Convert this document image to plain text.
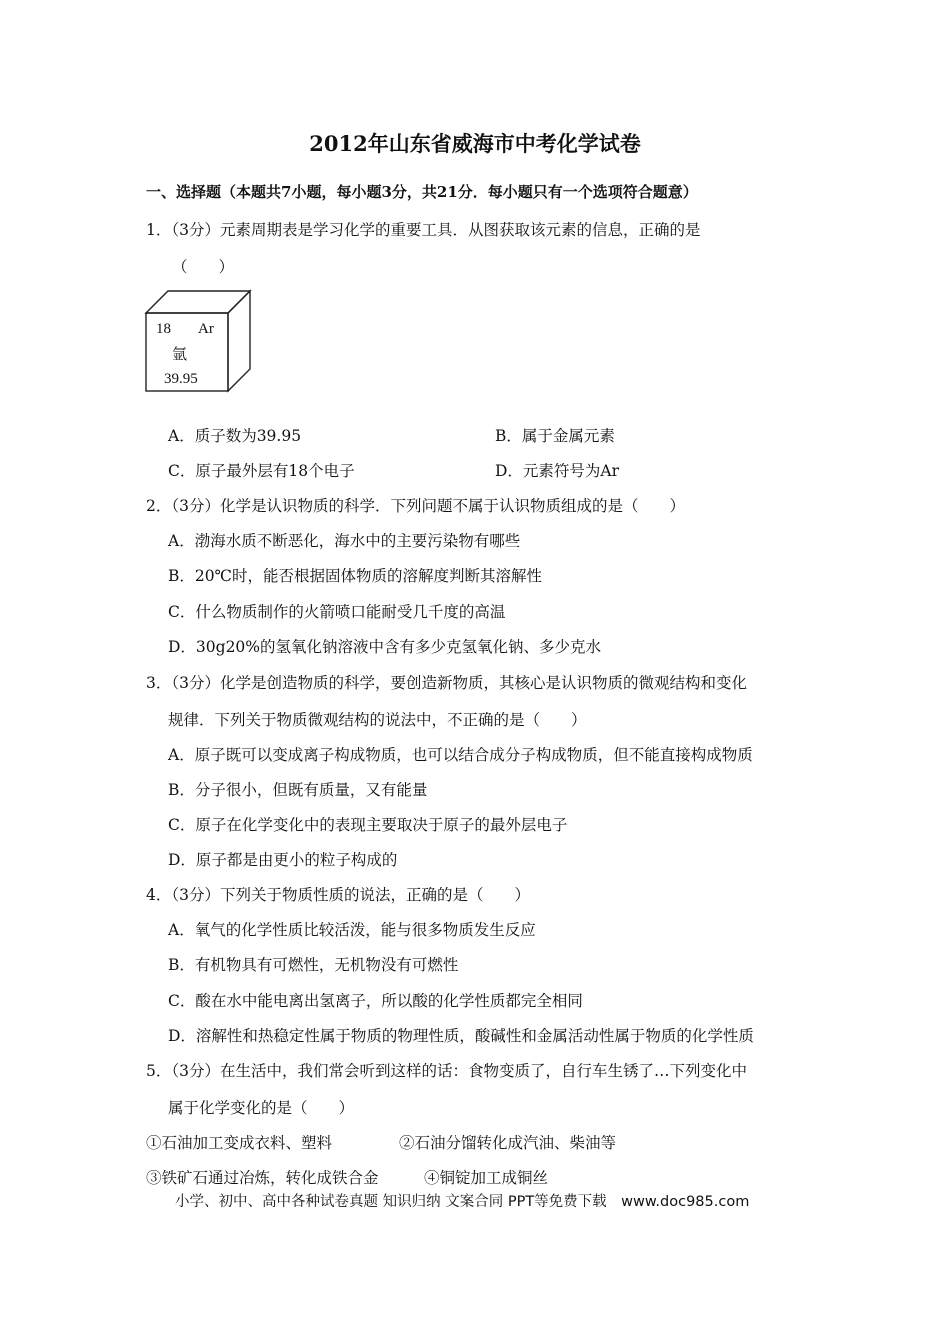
2012年山东省威海市中考化学试卷
一、选择题（本题共7小题，每小题3分，共21分．每小题只有一个选项符合题意）
1．（3分）元素周期表是学习化学的重要工具．从图获取该元素的信息，正确的是
（　　）
18 Ar
氩
39.95
A．质子数为39.95	B．属于金属元素
C．原子最外层有18个电子	D．元素符号为Ar
2．（3分）化学是认识物质的科学．下列问题不属于认识物质组成的是（　　）
A．渤海水质不断恶化，海水中的主要污染物有哪些
B．20℃时，能否根据固体物质的溶解度判断其溶解性
C．什么物质制作的火箭喷口能耐受几千度的高温
D．30g20%的氢氧化钠溶液中含有多少克氢氧化钠、多少克水
3．（3分）化学是创造物质的科学，要创造新物质，其核心是认识物质的微观结构和变化
规律．下列关于物质微观结构的说法中，不正确的是（　　）
A．原子既可以变成离子构成物质，也可以结合成分子构成物质，但不能直接构成物质
B．分子很小，但既有质量，又有能量
C．原子在化学变化中的表现主要取决于原子的最外层电子
D．原子都是由更小的粒子构成的
4．（3分）下列关于物质性质的说法，正确的是（　　）
A．氧气的化学性质比较活泼，能与很多物质发生反应
B．有机物具有可燃性，无机物没有可燃性
C．酸在水中能电离出氢离子，所以酸的化学性质都完全相同
D．溶解性和热稳定性属于物质的物理性质，酸碱性和金属活动性属于物质的化学性质
5．（3分）在生活中，我们常会听到这样的话：食物变质了，自行车生锈了…下列变化中
属于化学变化的是（　　）
①石油加工变成衣料、塑料	②石油分馏转化成汽油、柴油等
③铁矿石通过冶炼，转化成铁合金	④铜锭加工成铜丝
小学、初中、高中各种试卷真题 知识归纳 文案合同 PPT等免费下载　www.doc985.com
